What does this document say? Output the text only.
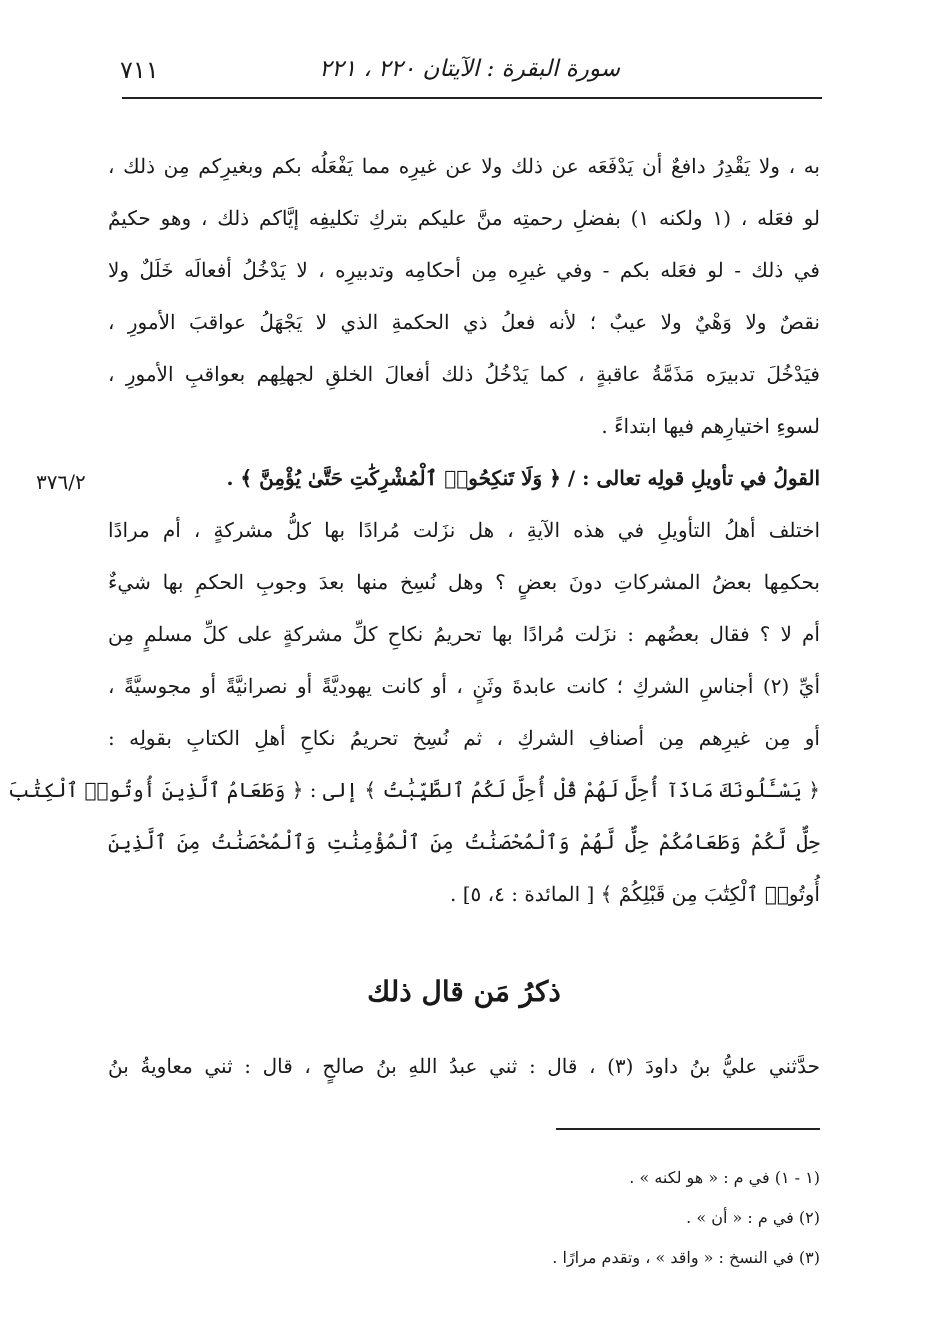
٧١١	سورة البقرة : الآيتان ٢٢٠ ، ٢٢١
به ، ولا يَقْدِرُ دافعٌ أن يَدْفَعَه عن ذلك ولا عن غيرِه مما يَفْعَلُه بكم وبغيرِكم مِن ذلك ،
لو فعَله ، (١ ولكنه ١) بفضلِ رحمتِه منَّ عليكم بتركِ تكليفِه إيَّاكم ذلك ، وهو حكيمٌ
في ذلك - لو فعَله بكم - وفي غيرِه مِن أحكامِه وتدبيرِه ، لا يَدْخُلُ أفعالَه خَلَلٌ ولا
نقصٌ ولا وَهْيٌ ولا عيبٌ ؛ لأنه فعلُ ذي الحكمةِ الذي لا يَجْهَلُ عواقبَ الأمورِ ،
فيَدْخُلَ تدبيرَه مَذَمَّةُ عاقبةٍ ، كما يَدْخُلُ ذلك أفعالَ الخلقِ لجهلِهم بعواقبِ الأمورِ ،
لسوءِ اختيارِهم فيها ابتداءً .
القولُ في تأويلِ قولِه تعالى : / ﴿ وَلَا تَنكِحُوا۟ ٱلْمُشْرِكَٰتِ حَتَّىٰ يُؤْمِنَّ ﴾ .
اختلف أهلُ التأويلِ في هذه الآيةِ ، هل نزَلت مُرادًا بها كلُّ مشركةٍ ، أم مرادًا
بحكمِها بعضُ المشركاتِ دونَ بعضٍ ؟ وهل نُسِخ منها بعدَ وجوبِ الحكمِ بها شيءٌ
أم لا ؟ فقال بعضُهم : نزَلت مُرادًا بها تحريمُ نكاحِ كلِّ مشركةٍ على كلِّ مسلمٍ مِن
أيِّ (٢) أجناسِ الشركِ ؛ كانت عابدةَ وثَنٍ ، أو كانت يهوديَّةً أو نصرانيَّةً أو مجوسيَّةً ،
أو مِن غيرِهم مِن أصنافِ الشركِ ، ثم نُسِخ تحريمُ نكاحِ أهلِ الكتابِ بقولِه :
﴿ يَسْـَٔلُونَكَ مَاذَآ أُحِلَّ لَهُمْ قُلْ أُحِلَّ لَكُمُ ٱلطَّيِّبَٰتُ ﴾ إلى : ﴿ وَطَعَامُ ٱلَّذِينَ أُوتُوا۟ ٱلْكِتَٰبَ
حِلٌّ لَّكُمْ وَطَعَامُكُمْ حِلٌّ لَّهُمْ وَٱلْمُحْصَنَٰتُ مِنَ ٱلْمُؤْمِنَٰتِ وَٱلْمُحْصَنَٰتُ مِنَ ٱلَّذِينَ
أُوتُوا۟ ٱلْكِتَٰبَ مِن قَبْلِكُمْ ﴾ [ المائدة : ٤، ٥] .
٣٧٦/٢
ذكرُ مَن قال ذلك
حدَّثني عليُّ بنُ داودَ (٣) ، قال : ثني عبدُ اللهِ بنُ صالحٍ ، قال : ثني معاويةُ بنُ
(١ - ١) في م : « هو لكنه » .
(٢) في م : « أن » .
(٣) في النسخ : « واقد » ، وتقدم مرارًا .
